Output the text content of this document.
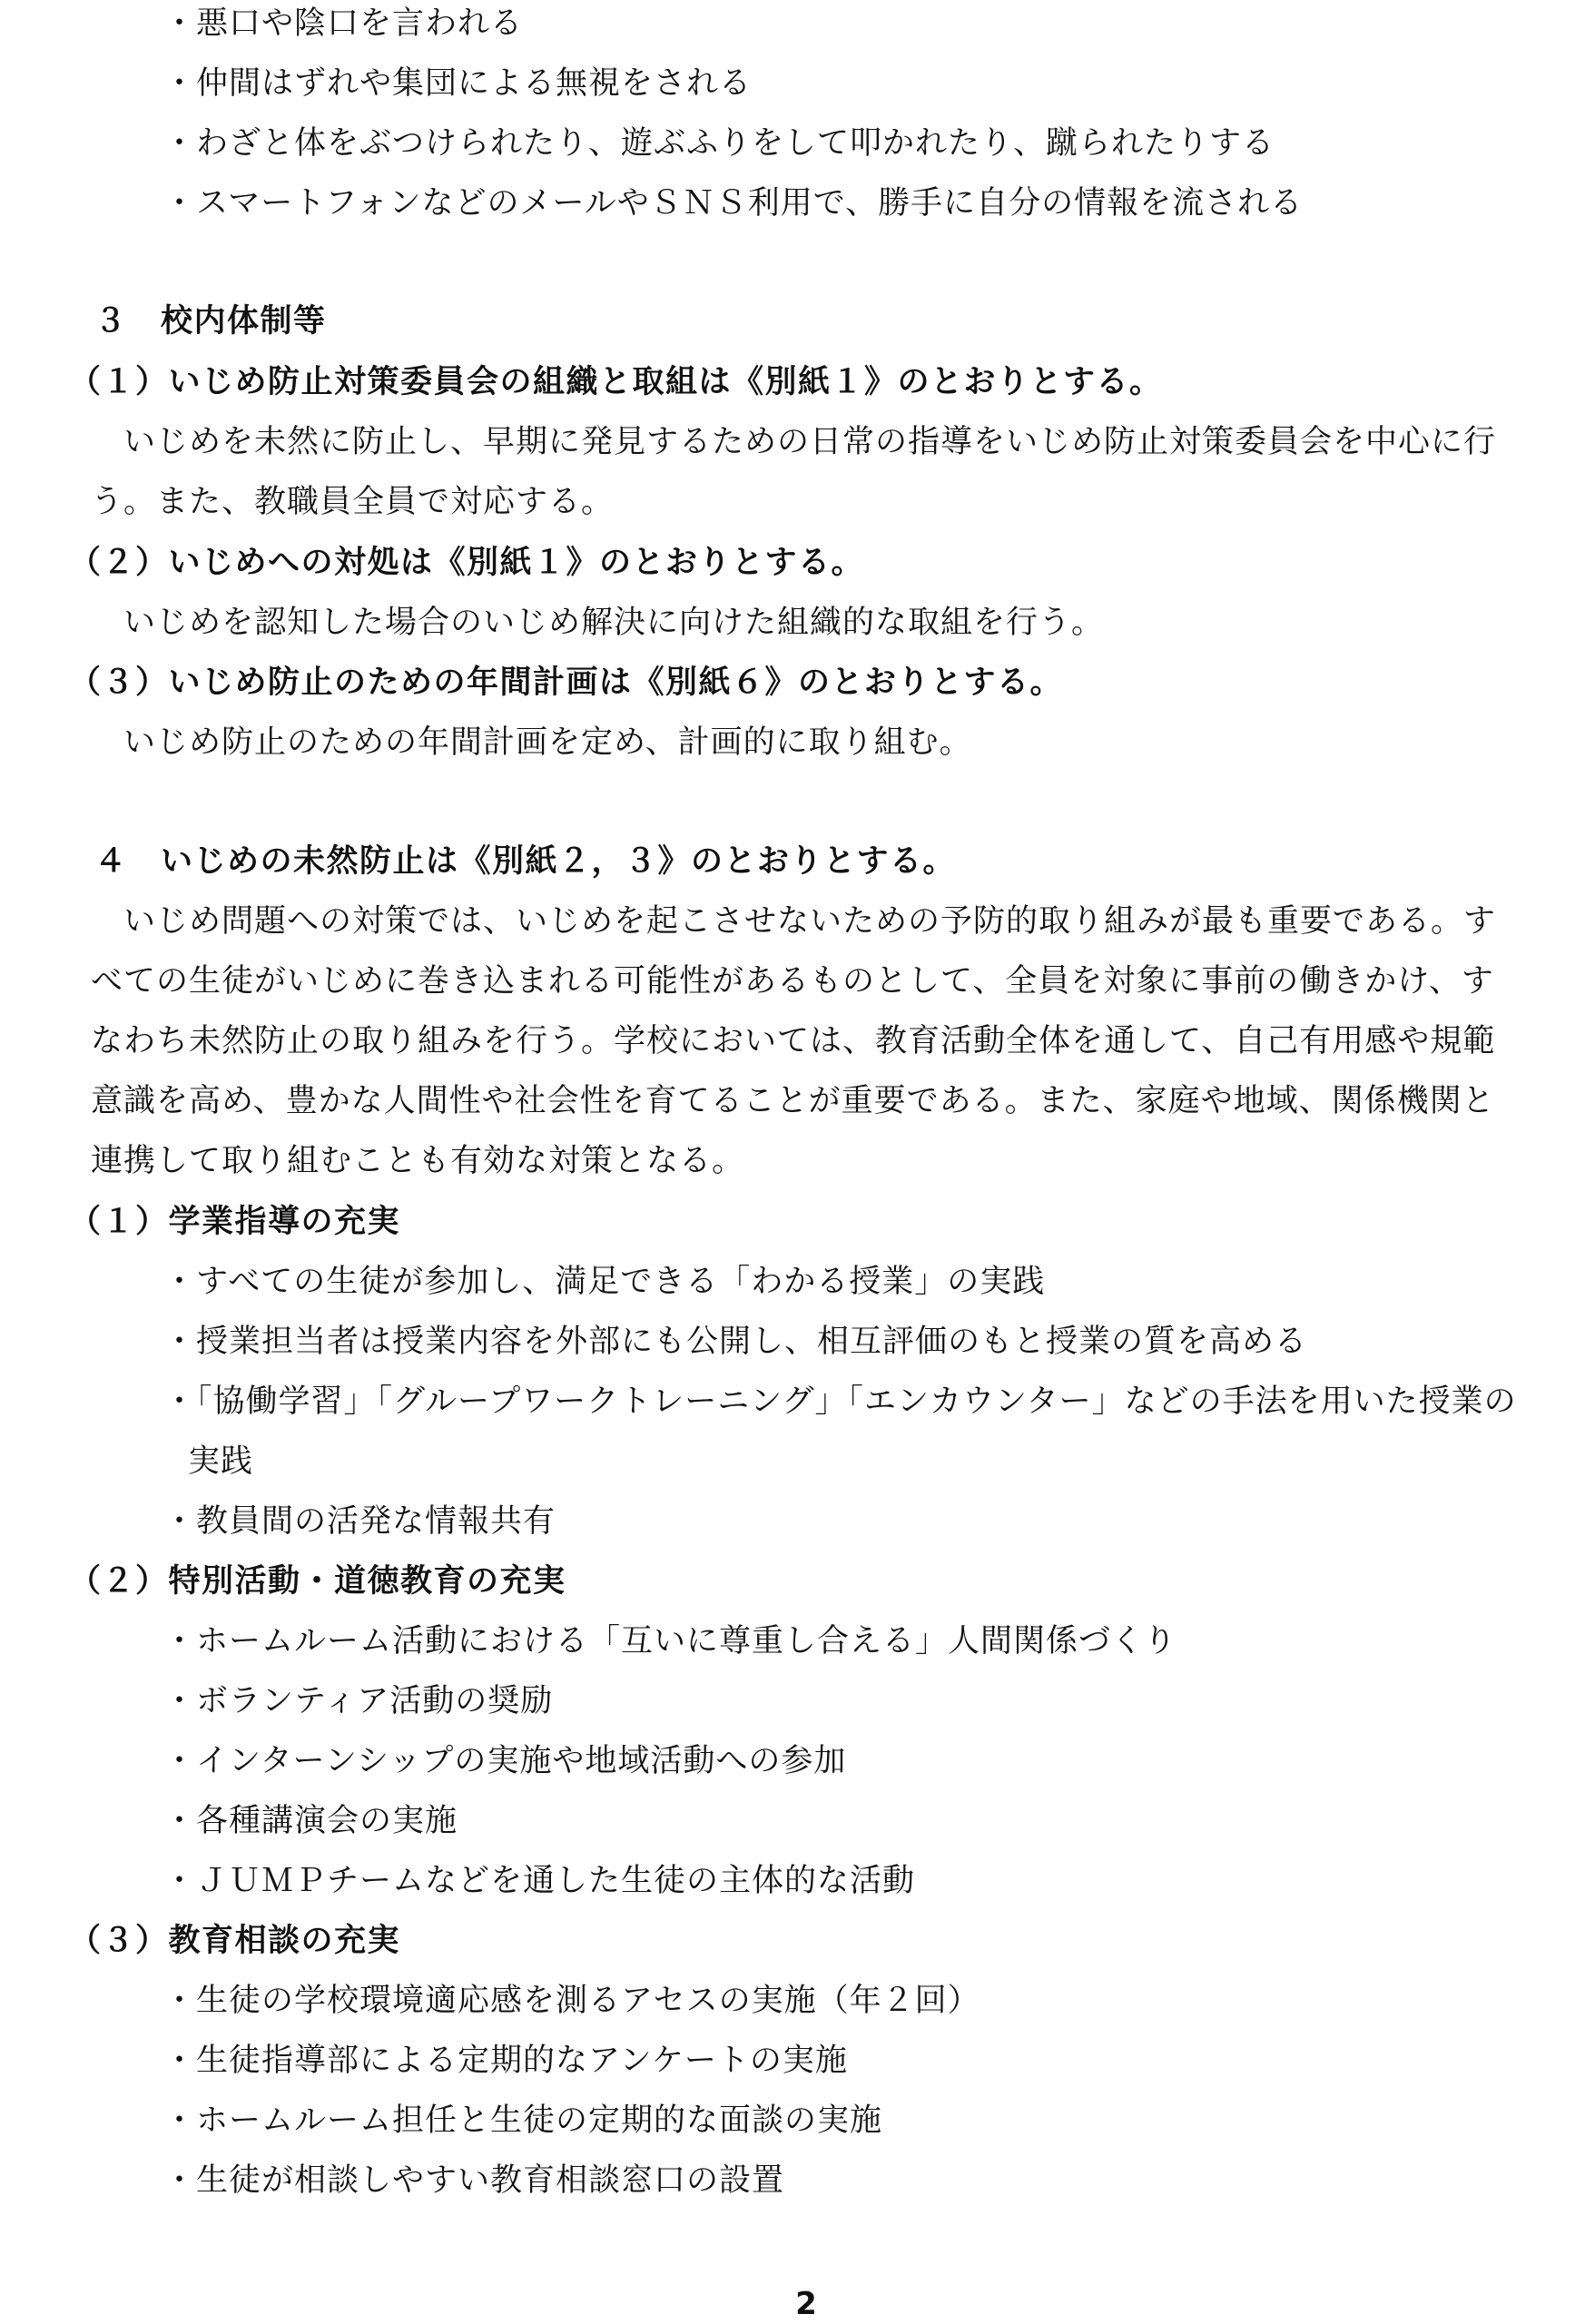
・悪口や陰口を言われる
・仲間はずれや集団による無視をされる
・わざと体をぶつけられたり、遊ぶふりをして叩かれたり、蹴られたりする
・スマートフォンなどのメールやＳＮＳ利用で、勝手に自分の情報を流される
３　校内体制等
（１）いじめ防止対策委員会の組織と取組は《別紙１》のとおりとする。
いじめを未然に防止し、早期に発見するための日常の指導をいじめ防止対策委員会を中心に行
う。また、教職員全員で対応する。
（２）いじめへの対処は《別紙１》のとおりとする。
いじめを認知した場合のいじめ解決に向けた組織的な取組を行う。
（３）いじめ防止のための年間計画は《別紙６》のとおりとする。
いじめ防止のための年間計画を定め、計画的に取り組む。
４　いじめの未然防止は《別紙２，３》のとおりとする。
いじめ問題への対策では、いじめを起こさせないための予防的取り組みが最も重要である。す
べての生徒がいじめに巻き込まれる可能性があるものとして、全員を対象に事前の働きかけ、す
なわち未然防止の取り組みを行う。学校においては、教育活動全体を通して、自己有用感や規範
意識を高め、豊かな人間性や社会性を育てることが重要である。また、家庭や地域、関係機関と
連携して取り組むことも有効な対策となる。
（１）学業指導の充実
・すべての生徒が参加し、満足できる「わかる授業」の実践
・授業担当者は授業内容を外部にも公開し、相互評価のもと授業の質を高める
・「協働学習」「グループワークトレーニング」「エンカウンター」などの手法を用いた授業の
実践
・教員間の活発な情報共有
（２）特別活動・道徳教育の充実
・ホームルーム活動における「互いに尊重し合える」人間関係づくり
・ボランティア活動の奨励
・インターンシップの実施や地域活動への参加
・各種講演会の実施
・ＪＵＭＰチームなどを通した生徒の主体的な活動
（３）教育相談の充実
・生徒の学校環境適応感を測るアセスの実施（年２回）
・生徒指導部による定期的なアンケートの実施
・ホームルーム担任と生徒の定期的な面談の実施
・生徒が相談しやすい教育相談窓口の設置
2
